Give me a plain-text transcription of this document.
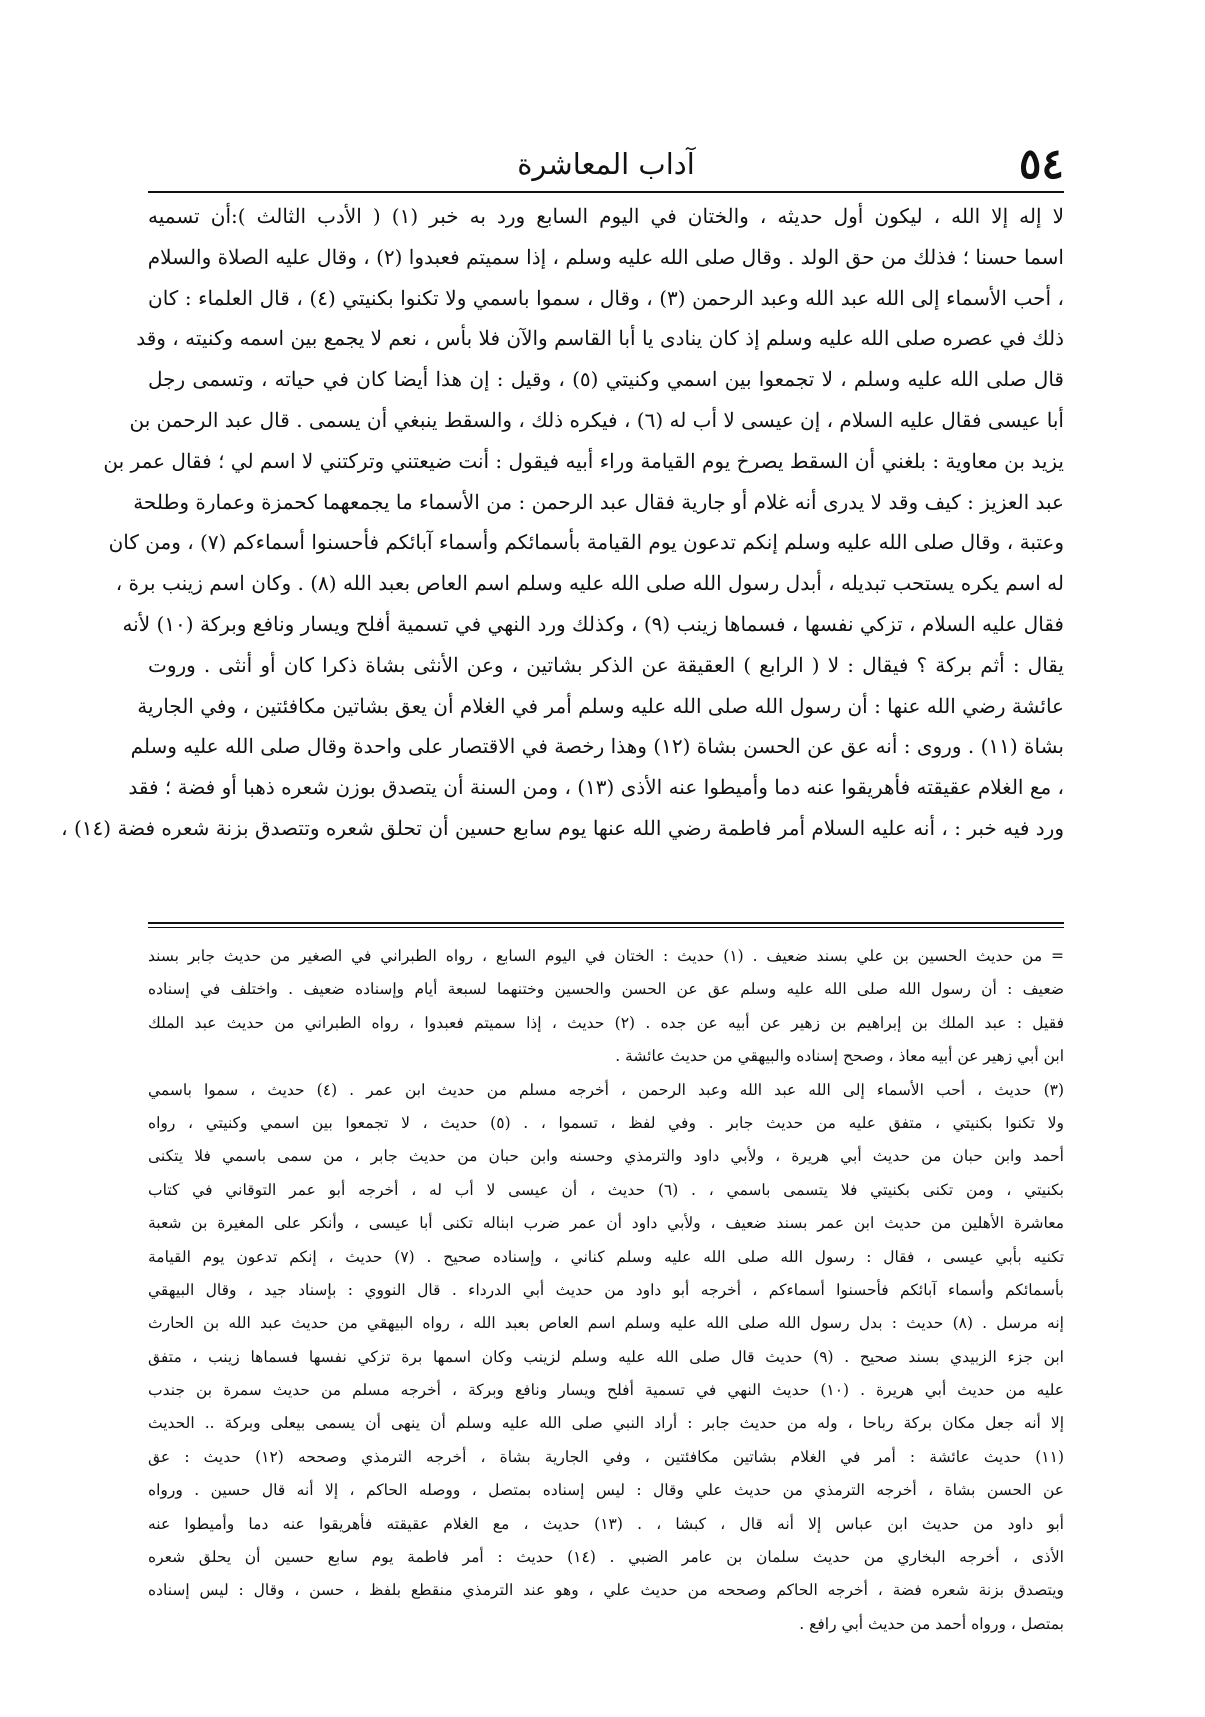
٥٤
آداب المعاشرة
لا إله إلا الله ، ليكون أول حديثه ، والختان في اليوم السابع ورد به خبر (١) ( الأدب الثالث ):أن تسميه
اسما حسنا ؛ فذلك من حق الولد . وقال صلى الله عليه وسلم ، إذا سميتم فعبدوا (٢) ، وقال عليه الصلاة والسلام
، أحب الأسماء إلى الله عبد الله وعبد الرحمن (٣) ، وقال ، سموا باسمي ولا تكنوا بكنيتي (٤) ، قال العلماء : كان
ذلك في عصره صلى الله عليه وسلم إذ كان ينادى يا أبا القاسم والآن فلا بأس ، نعم لا يجمع بين اسمه وكنيته ، وقد
قال صلى الله عليه وسلم ، لا تجمعوا بين اسمي وكنيتي (٥) ، وقيل : إن هذا أيضا كان في حياته ، وتسمى رجل
أبا عيسى فقال عليه السلام ، إن عيسى لا أب له (٦) ، فيكره ذلك ، والسقط ينبغي أن يسمى . قال عبد الرحمن بن
يزيد بن معاوية : بلغني أن السقط يصرخ يوم القيامة وراء أبيه فيقول : أنت ضيعتني وتركتني لا اسم لي ؛ فقال عمر بن
عبد العزيز : كيف وقد لا يدرى أنه غلام أو جارية فقال عبد الرحمن : من الأسماء ما يجمعهما كحمزة وعمارة وطلحة
وعتبة ، وقال صلى الله عليه وسلم إنكم تدعون يوم القيامة بأسمائكم وأسماء آبائكم فأحسنوا أسماءكم (٧) ، ومن كان
له اسم يكره يستحب تبديله ، أبدل رسول الله صلى الله عليه وسلم اسم العاص بعبد الله (٨) . وكان اسم زينب برة ،
فقال عليه السلام ، تزكي نفسها ، فسماها زينب (٩) ، وكذلك ورد النهي في تسمية أفلح ويسار ونافع وبركة (١٠) لأنه
يقال : أثم بركة ؟ فيقال : لا ( الرابع ) العقيقة عن الذكر بشاتين ، وعن الأنثى بشاة ذكرا كان أو أنثى . وروت
عائشة رضي الله عنها : أن رسول الله صلى الله عليه وسلم أمر في الغلام أن يعق بشاتين مكافئتين ، وفي الجارية
بشاة (١١) . وروى : أنه عق عن الحسن بشاة (١٢) وهذا رخصة في الاقتصار على واحدة وقال صلى الله عليه وسلم
، مع الغلام عقيقته فأهريقوا عنه دما وأميطوا عنه الأذى (١٣) ، ومن السنة أن يتصدق بوزن شعره ذهبا أو فضة ؛ فقد
ورد فيه خبر : ، أنه عليه السلام أمر فاطمة رضي الله عنها يوم سابع حسين أن تحلق شعره وتتصدق بزنة شعره فضة (١٤) ،
= من حديث الحسين بن علي بسند ضعيف . (١) حديث : الختان في اليوم السابع ، رواه الطبراني في الصغير من حديث جابر بسند
ضعيف : أن رسول الله صلى الله عليه وسلم عق عن الحسن والحسين وختنهما لسبعة أيام وإسناده ضعيف . واختلف في إسناده
فقيل : عبد الملك بن إبراهيم بن زهير عن أبيه عن جده . (٢) حديث ، إذا سميتم فعبدوا ، رواه الطبراني من حديث عبد الملك
ابن أبي زهير عن أبيه معاذ ، وصحح إسناده والبيهقي من حديث عائشة .
(٣) حديث ، أحب الأسماء إلى الله عبد الله وعبد الرحمن ، أخرجه مسلم من حديث ابن عمر . (٤) حديث ، سموا باسمي
ولا تكنوا بكنيتي ، متفق عليه من حديث جابر . وفي لفظ ، تسموا ، . (٥) حديث ، لا تجمعوا بين اسمي وكنيتي ، رواه
أحمد وابن حبان من حديث أبي هريرة ، ولأبي داود والترمذي وحسنه وابن حبان من حديث جابر ، من سمى باسمي فلا يتكنى
بكنيتي ، ومن تكنى بكنيتي فلا يتسمى باسمي ، . (٦) حديث ، أن عيسى لا أب له ، أخرجه أبو عمر التوقاني في كتاب
معاشرة الأهلين من حديث ابن عمر بسند ضعيف ، ولأبي داود أن عمر ضرب ابناله تكنى أبا عيسى ، وأنكر على المغيرة بن شعبة
تكنيه بأبي عيسى ، فقال : رسول الله صلى الله عليه وسلم كناني ، وإسناده صحيح . (٧) حديث ، إنكم تدعون يوم القيامة
بأسمائكم وأسماء آبائكم فأحسنوا أسماءكم ، أخرجه أبو داود من حديث أبي الدرداء . قال النووي : بإسناد جيد ، وقال البيهقي
إنه مرسل . (٨) حديث : بدل رسول الله صلى الله عليه وسلم اسم العاص بعبد الله ، رواه البيهقي من حديث عبد الله بن الحارث
ابن جزء الزبيدي بسند صحيح . (٩) حديث قال صلى الله عليه وسلم لزينب وكان اسمها برة تزكي نفسها فسماها زينب ، متفق
عليه من حديث أبي هريرة . (١٠) حديث النهي في تسمية أفلح ويسار ونافع وبركة ، أخرجه مسلم من حديث سمرة بن جندب
إلا أنه جعل مكان بركة رباحا ، وله من حديث جابر : أراد النبي صلى الله عليه وسلم أن ينهى أن يسمى بيعلى وبركة .. الحديث
(١١) حديث عائشة : أمر في الغلام بشاتين مكافئتين ، وفي الجارية بشاة ، أخرجه الترمذي وصححه (١٢) حديث : عق
عن الحسن بشاة ، أخرجه الترمذي من حديث علي وقال : ليس إسناده بمتصل ، ووصله الحاكم ، إلا أنه قال حسين . ورواه
أبو داود من حديث ابن عباس إلا أنه قال ، كبشا ، . (١٣) حديث ، مع الغلام عقيقته فأهريقوا عنه دما وأميطوا عنه
الأذى ، أخرجه البخاري من حديث سلمان بن عامر الضبي . (١٤) حديث : أمر فاطمة يوم سابع حسين أن يحلق شعره
ويتصدق بزنة شعره فضة ، أخرجه الحاكم وصححه من حديث علي ، وهو عند الترمذي منقطع بلفظ ، حسن ، وقال : ليس إسناده
بمتصل ، ورواه أحمد من حديث أبي رافع .
